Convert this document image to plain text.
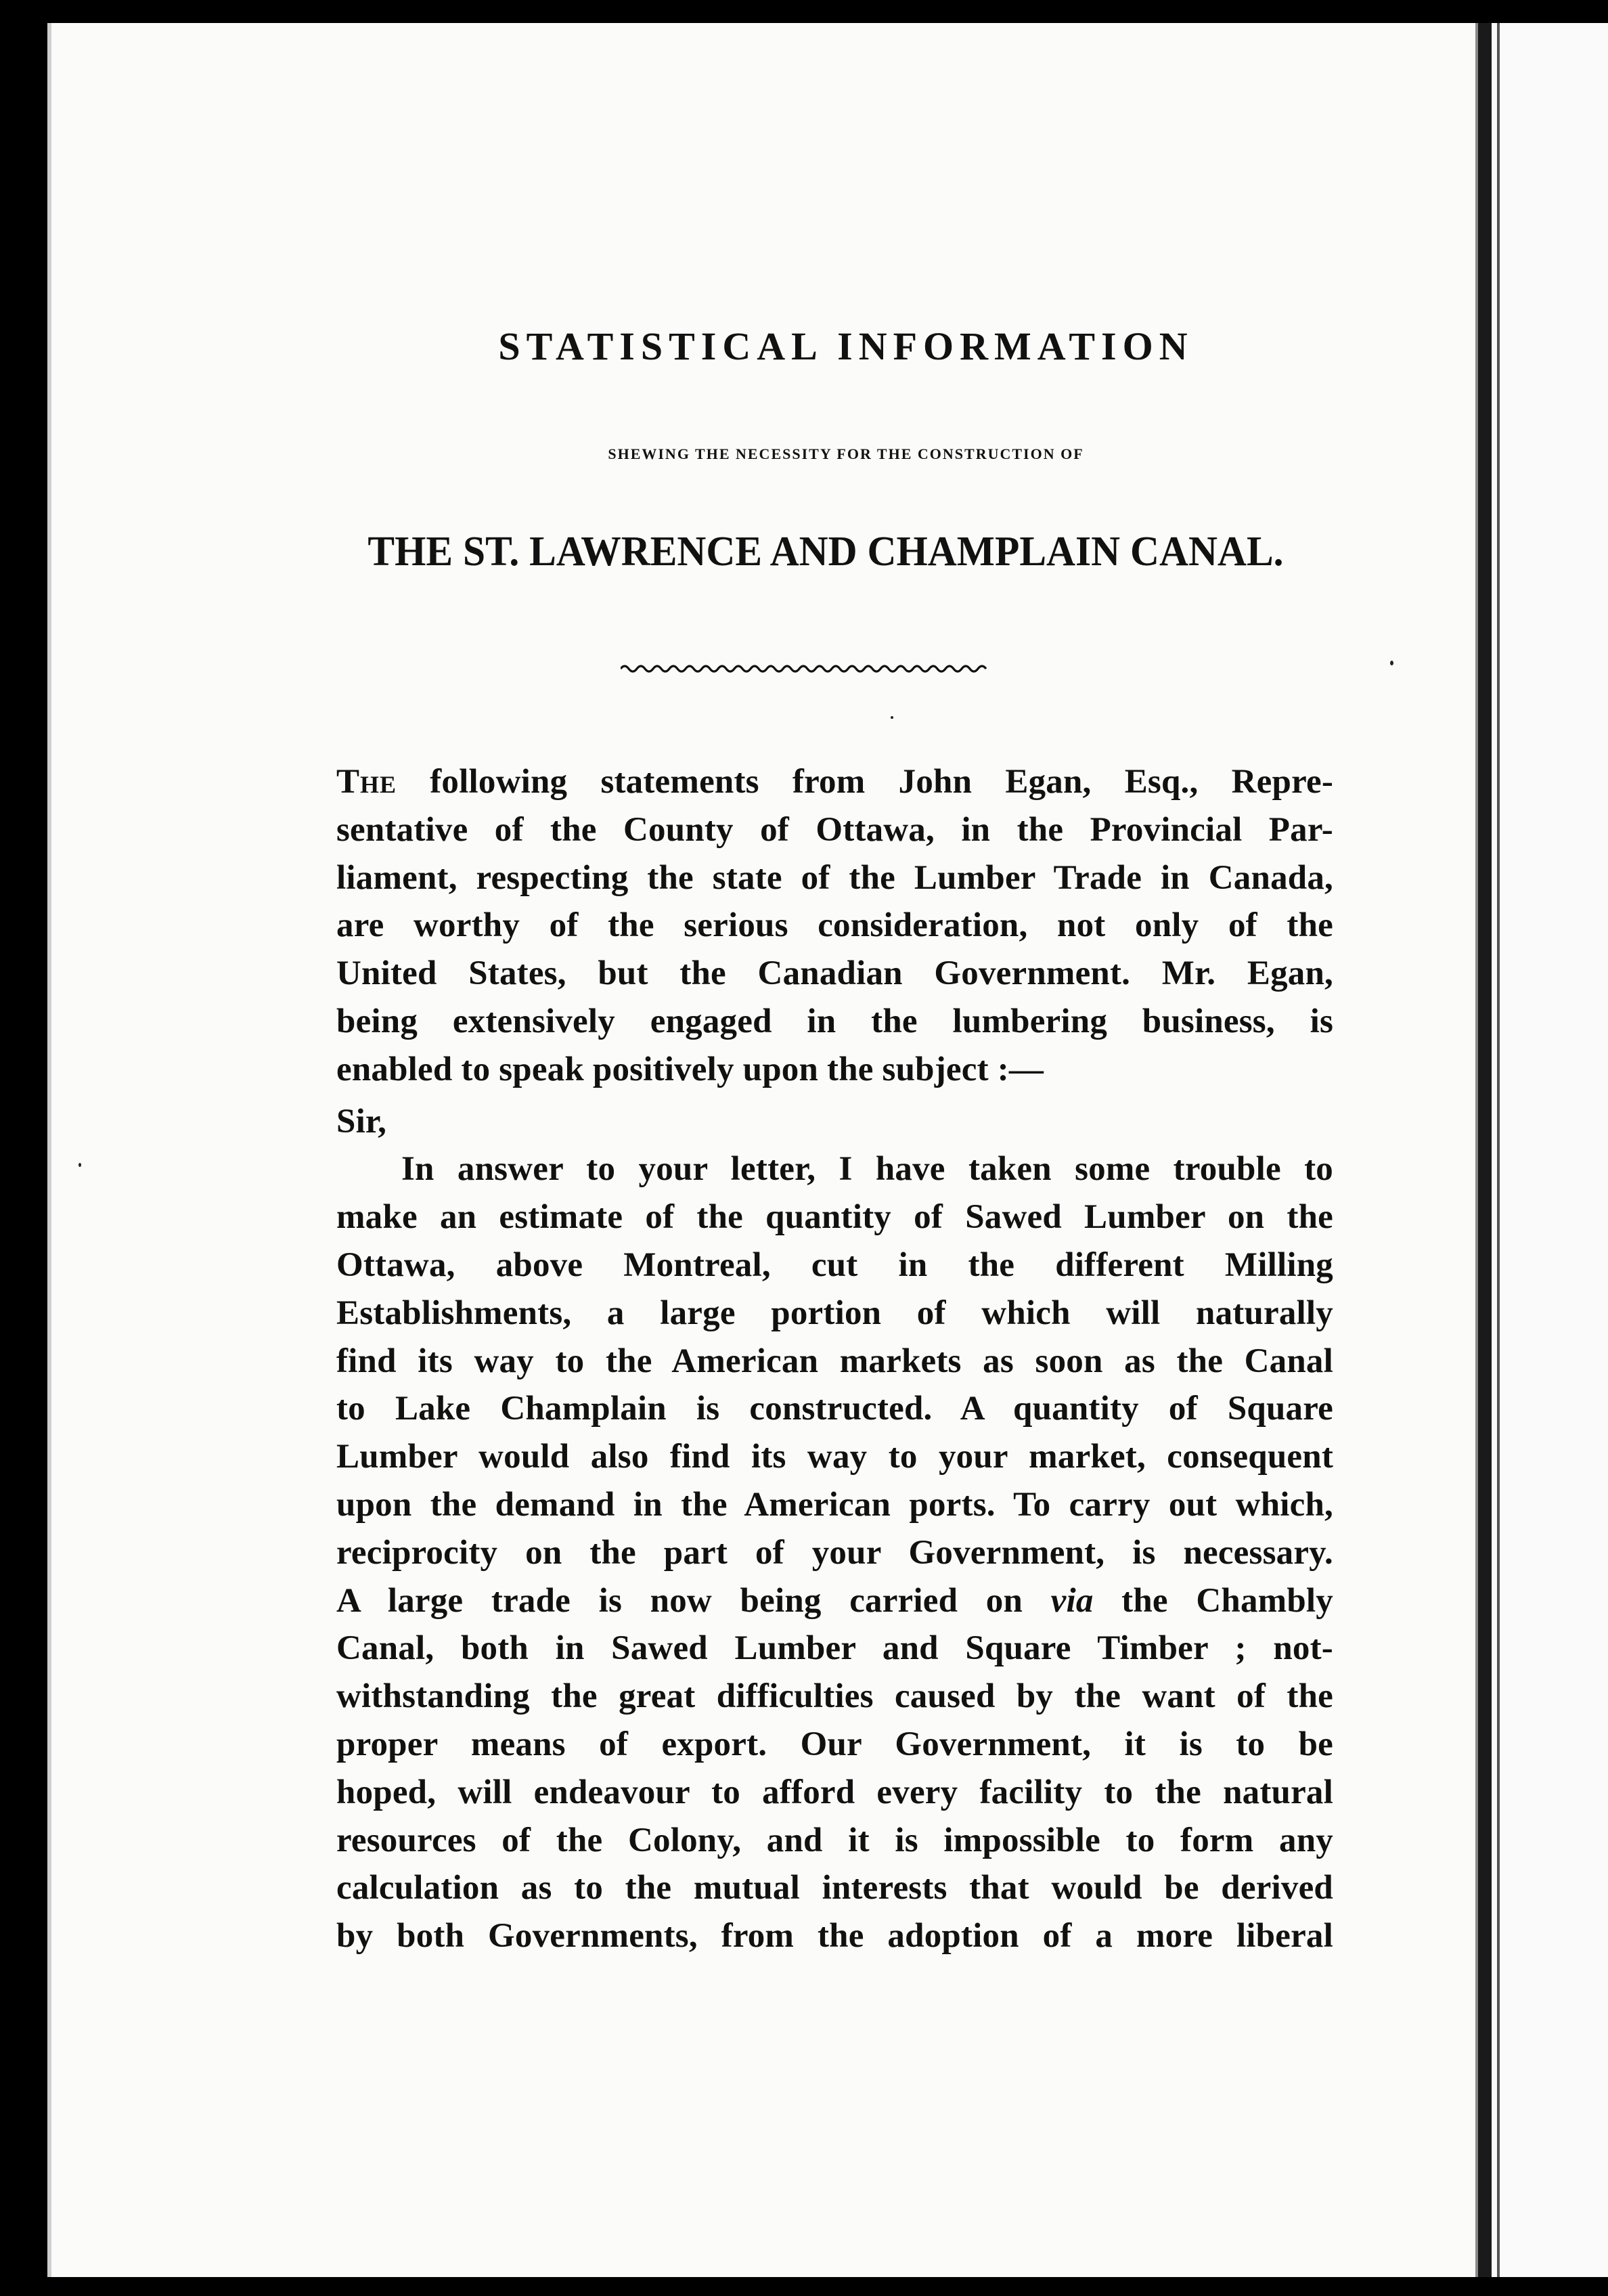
STATISTICAL INFORMATION
SHEWING THE NECESSITY FOR THE CONSTRUCTION OF
THE ST. LAWRENCE AND CHAMPLAIN CANAL.
The following statements from John Egan, Esq., Repre-
sentative of the County of Ottawa, in the Provincial Par-
liament, respecting the state of the Lumber Trade in Canada,
are worthy of the serious consideration, not only of the
United States, but the Canadian Government. Mr. Egan,
being extensively engaged in the lumbering business, is
enabled to speak positively upon the subject :—
Sir,
In answer to your letter, I have taken some trouble to
make an estimate of the quantity of Sawed Lumber on the
Ottawa, above Montreal, cut in the different Milling
Establishments, a large portion of which will naturally
find its way to the American markets as soon as the Canal
to Lake Champlain is constructed. A quantity of Square
Lumber would also find its way to your market, consequent
upon the demand in the American ports. To carry out which,
reciprocity on the part of your Government, is necessary.
A large trade is now being carried on via the Chambly
Canal, both in Sawed Lumber and Square Timber ; not-
withstanding the great difficulties caused by the want of the
proper means of export. Our Government, it is to be
hoped, will endeavour to afford every facility to the natural
resources of the Colony, and it is impossible to form any
calculation as to the mutual interests that would be derived
by both Governments, from the adoption of a more liberal
